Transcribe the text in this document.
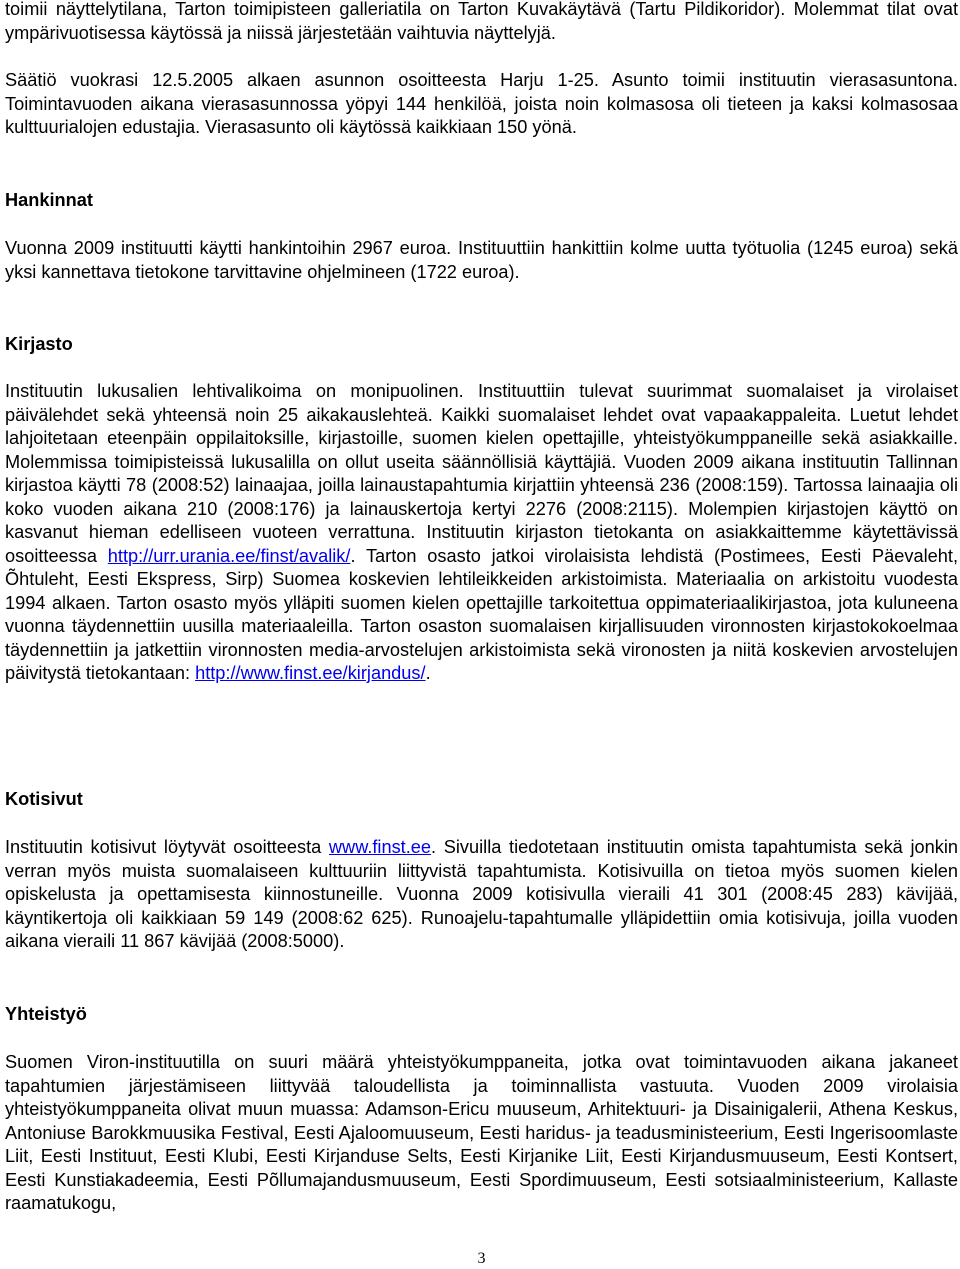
toimii näyttelytilana, Tarton toimipisteen galleriatila on Tarton Kuvakäytävä (Tartu Pildikoridor). Molemmat tilat ovat ympärivuotisessa käytössä ja niissä järjestetään vaihtuvia näyttelyjä.

Säätiö vuokrasi 12.5.2005 alkaen asunnon osoitteesta Harju 1-25. Asunto toimii instituutin vierasasuntona. Toimintavuoden aikana vierasasunnossa yöpyi 144 henkilöä, joista noin kolmasosa oli tieteen ja kaksi kolmasosaa kulttuurialojen edustajia. Vierasasunto oli käytössä kaikkiaan 150 yönä.

Hankinnat

Vuonna 2009 instituutti käytti hankintoihin 2967 euroa. Instituuttiin hankittiin kolme uutta työtuolia (1245 euroa) sekä yksi kannettava tietokone tarvittavine ohjelmineen (1722 euroa).

Kirjasto

Instituutin lukusalien lehtivalikoima on monipuolinen. Instituuttiin tulevat suurimmat suomalaiset ja virolaiset päivälehdet sekä yhteensä noin 25 aikakauslehteä. Kaikki suomalaiset lehdet ovat vapaakappaleita. Luetut lehdet lahjoitetaan eteenpäin oppilaitoksille, kirjastoille, suomen kielen opettajille, yhteistyökumppaneille sekä asiakkaille. Molemmissa toimipisteissä lukusalilla on ollut useita säännöllisiä käyttäjiä. Vuoden 2009 aikana instituutin Tallinnan kirjastoa käytti 78 (2008:52) lainaajaa, joilla lainaustapahtumia kirjattiin yhteensä 236 (2008:159). Tartossa lainaajia oli koko vuoden aikana 210 (2008:176) ja lainauskertoja kertyi 2276 (2008:2115). Molempien kirjastojen käyttö on kasvanut hieman edelliseen vuoteen verrattuna. Instituutin kirjaston tietokanta on asiakkaittemme käytettävissä osoitteessa http://urr.urania.ee/finst/avalik/. Tarton osasto jatkoi virolaisista lehdistä (Postimees, Eesti Päevaleht, Õhtuleht, Eesti Ekspress, Sirp) Suomea koskevien lehtileikkeiden arkistoimista. Materiaalia on arkistoitu vuodesta 1994 alkaen. Tarton osasto myös ylläpiti suomen kielen opettajille tarkoitettua oppimateriaalikirjastoa, jota kuluneena vuonna täydennettiin uusilla materiaaleilla. Tarton osaston suomalaisen kirjallisuuden vironnosten kirjastokokoelmaa täydennettiin ja jatkettiin vironnosten media-arvostelujen arkistoimista sekä vironosten ja niitä koskevien arvostelujen päivitystä tietokantaan: http://www.finst.ee/kirjandus/.

Kotisivut

Instituutin kotisivut löytyvät osoitteesta www.finst.ee. Sivuilla tiedotetaan instituutin omista tapahtumista sekä jonkin verran myös muista suomalaiseen kulttuuriin liittyvistä tapahtumista. Kotisivuilla on tietoa myös suomen kielen opiskelusta ja opettamisesta kiinnostuneille. Vuonna 2009 kotisivulla vieraili 41 301 (2008:45 283) kävijää, käyntikertoja oli kaikkiaan 59 149 (2008:62 625). Runoajelu-tapahtumalle ylläpidettiin omia kotisivuja, joilla vuoden aikana vieraili 11 867 kävijää (2008:5000).

Yhteistyö

Suomen Viron-instituutilla on suuri määrä yhteistyökumppaneita, jotka ovat toimintavuoden aikana jakaneet tapahtumien järjestämiseen liittyvää taloudellista ja toiminnallista vastuuta. Vuoden 2009 virolaisia yhteistyökumppaneita olivat muun muassa: Adamson-Ericu muuseum, Arhitektuuri- ja Disainigalerii, Athena Keskus, Antoniuse Barokkmuusika Festival, Eesti Ajaloomuuseum, Eesti haridus- ja teadusministeerium, Eesti Ingerisoomlaste Liit, Eesti Instituut, Eesti Klubi, Eesti Kirjanduse Selts, Eesti Kirjanike Liit, Eesti Kirjandusmuuseum, Eesti Kontsert, Eesti Kunstiakadeemia, Eesti Põllumajandusmuuseum, Eesti Spordimuuseum, Eesti sotsiaalministeerium, Kallaste raamatukogu,

3
